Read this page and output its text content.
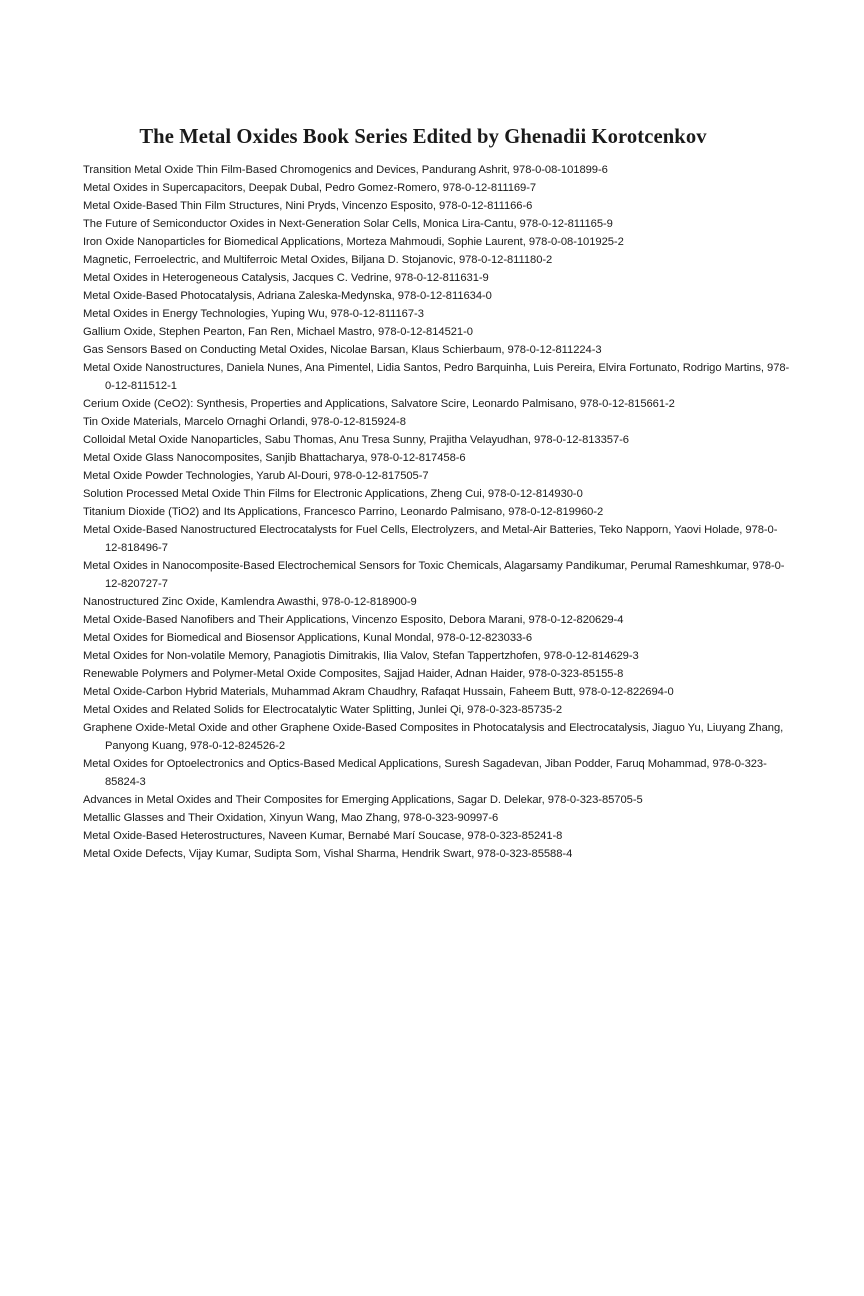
The Metal Oxides Book Series Edited by Ghenadii Korotcenkov
Transition Metal Oxide Thin Film-Based Chromogenics and Devices, Pandurang Ashrit, 978-0-08-101899-6
Metal Oxides in Supercapacitors, Deepak Dubal, Pedro Gomez-Romero, 978-0-12-811169-7
Metal Oxide-Based Thin Film Structures, Nini Pryds, Vincenzo Esposito, 978-0-12-811166-6
The Future of Semiconductor Oxides in Next-Generation Solar Cells, Monica Lira-Cantu, 978-0-12-811165-9
Iron Oxide Nanoparticles for Biomedical Applications, Morteza Mahmoudi, Sophie Laurent, 978-0-08-101925-2
Magnetic, Ferroelectric, and Multiferroic Metal Oxides, Biljana D. Stojanovic, 978-0-12-811180-2
Metal Oxides in Heterogeneous Catalysis, Jacques C. Vedrine, 978-0-12-811631-9
Metal Oxide-Based Photocatalysis, Adriana Zaleska-Medynska, 978-0-12-811634-0
Metal Oxides in Energy Technologies, Yuping Wu, 978-0-12-811167-3
Gallium Oxide, Stephen Pearton, Fan Ren, Michael Mastro, 978-0-12-814521-0
Gas Sensors Based on Conducting Metal Oxides, Nicolae Barsan, Klaus Schierbaum, 978-0-12-811224-3
Metal Oxide Nanostructures, Daniela Nunes, Ana Pimentel, Lidia Santos, Pedro Barquinha, Luis Pereira, Elvira Fortunato, Rodrigo Martins, 978-0-12-811512-1
Cerium Oxide (CeO2): Synthesis, Properties and Applications, Salvatore Scire, Leonardo Palmisano, 978-0-12-815661-2
Tin Oxide Materials, Marcelo Ornaghi Orlandi, 978-0-12-815924-8
Colloidal Metal Oxide Nanoparticles, Sabu Thomas, Anu Tresa Sunny, Prajitha Velayudhan, 978-0-12-813357-6
Metal Oxide Glass Nanocomposites, Sanjib Bhattacharya, 978-0-12-817458-6
Metal Oxide Powder Technologies, Yarub Al-Douri, 978-0-12-817505-7
Solution Processed Metal Oxide Thin Films for Electronic Applications, Zheng Cui, 978-0-12-814930-0
Titanium Dioxide (TiO2) and Its Applications, Francesco Parrino, Leonardo Palmisano, 978-0-12-819960-2
Metal Oxide-Based Nanostructured Electrocatalysts for Fuel Cells, Electrolyzers, and Metal-Air Batteries, Teko Napporn, Yaovi Holade, 978-0-12-818496-7
Metal Oxides in Nanocomposite-Based Electrochemical Sensors for Toxic Chemicals, Alagarsamy Pandikumar, Perumal Rameshkumar, 978-0-12-820727-7
Nanostructured Zinc Oxide, Kamlendra Awasthi, 978-0-12-818900-9
Metal Oxide-Based Nanofibers and Their Applications, Vincenzo Esposito, Debora Marani, 978-0-12-820629-4
Metal Oxides for Biomedical and Biosensor Applications, Kunal Mondal, 978-0-12-823033-6
Metal Oxides for Non-volatile Memory, Panagiotis Dimitrakis, Ilia Valov, Stefan Tappertzhofen, 978-0-12-814629-3
Renewable Polymers and Polymer-Metal Oxide Composites, Sajjad Haider, Adnan Haider, 978-0-323-85155-8
Metal Oxide-Carbon Hybrid Materials, Muhammad Akram Chaudhry, Rafaqat Hussain, Faheem Butt, 978-0-12-822694-0
Metal Oxides and Related Solids for Electrocatalytic Water Splitting, Junlei Qi, 978-0-323-85735-2
Graphene Oxide-Metal Oxide and other Graphene Oxide-Based Composites in Photocatalysis and Electrocatalysis, Jiaguo Yu, Liuyang Zhang, Panyong Kuang, 978-0-12-824526-2
Metal Oxides for Optoelectronics and Optics-Based Medical Applications, Suresh Sagadevan, Jiban Podder, Faruq Mohammad, 978-0-323-85824-3
Advances in Metal Oxides and Their Composites for Emerging Applications, Sagar D. Delekar, 978-0-323-85705-5
Metallic Glasses and Their Oxidation, Xinyun Wang, Mao Zhang, 978-0-323-90997-6
Metal Oxide-Based Heterostructures, Naveen Kumar, Bernabé Marí Soucase, 978-0-323-85241-8
Metal Oxide Defects, Vijay Kumar, Sudipta Som, Vishal Sharma, Hendrik Swart, 978-0-323-85588-4
